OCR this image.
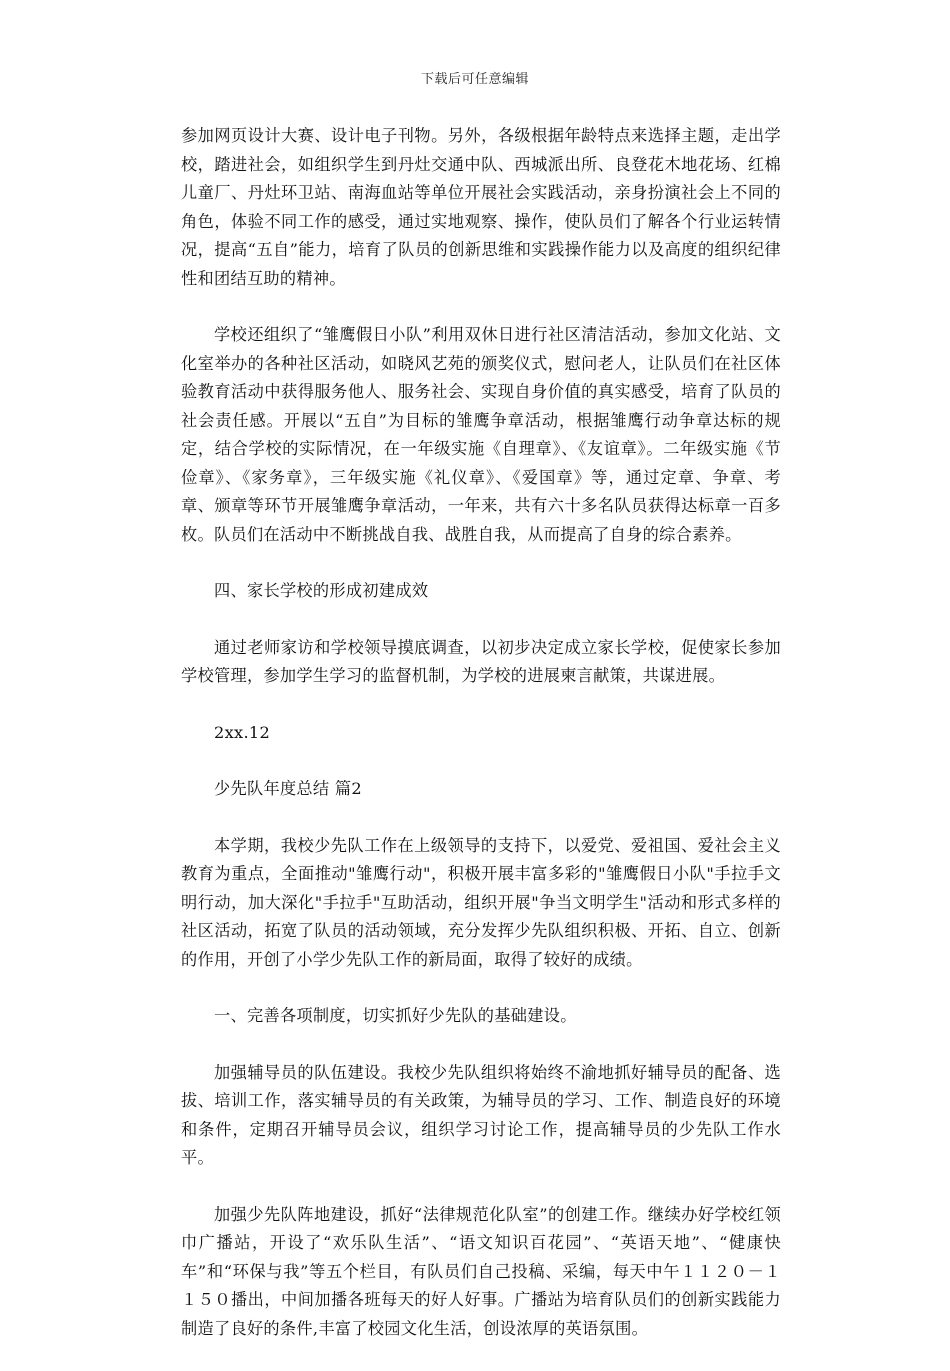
下载后可任意编辑

参加网页设计大赛、设计电子刊物。另外，各级根据年龄特点来选择主题，走出学校，踏进社会，如组织学生到丹灶交通中队、西城派出所、良登花木地花场、红棉儿童厂、丹灶环卫站、南海血站等单位开展社会实践活动，亲身扮演社会上不同的角色，体验不同工作的感受，通过实地观察、操作，使队员们了解各个行业运转情况，提高“五自”能力，培育了队员的创新思维和实践操作能力以及高度的组织纪律性和团结互助的精神。

学校还组织了“雏鹰假日小队”利用双休日进行社区清洁活动，参加文化站、文化室举办的各种社区活动，如晓风艺苑的颁奖仪式，慰问老人，让队员们在社区体验教育活动中获得服务他人、服务社会、实现自身价值的真实感受，培育了队员的社会责任感。开展以“五自”为目标的雏鹰争章活动，根据雏鹰行动争章达标的规定，结合学校的实际情况，在一年级实施《自理章》、《友谊章》。二年级实施《节俭章》、《家务章》，三年级实施《礼仪章》、《爱国章》等，通过定章、争章、考章、颁章等环节开展雏鹰争章活动，一年来，共有六十多名队员获得达标章一百多枚。队员们在活动中不断挑战自我、战胜自我，从而提高了自身的综合素养。

四、家长学校的形成初建成效

通过老师家访和学校领导摸底调查，以初步决定成立家长学校，促使家长参加学校管理，参加学生学习的监督机制，为学校的进展柬言献策，共谋进展。

2xx.12

少先队年度总结 篇2

本学期，我校少先队工作在上级领导的支持下，以爱党、爱祖国、爱社会主义教育为重点，全面推动"雏鹰行动"，积极开展丰富多彩的"雏鹰假日小队"手拉手文明行动，加大深化"手拉手"互助活动，组织开展"争当文明学生"活动和形式多样的社区活动，拓宽了队员的活动领域，充分发挥少先队组织积极、开拓、自立、创新的作用，开创了小学少先队工作的新局面，取得了较好的成绩。

一、完善各项制度，切实抓好少先队的基础建设。

加强辅导员的队伍建设。我校少先队组织将始终不渝地抓好辅导员的配备、选拔、培训工作，落实辅导员的有关政策，为辅导员的学习、工作、制造良好的环境和条件，定期召开辅导员会议，组织学习讨论工作，提高辅导员的少先队工作水平。

加强少先队阵地建设，抓好“法律规范化队室”的创建工作。继续办好学校红领巾广播站，开设了“欢乐队生活”、“语文知识百花园”、“英语天地”、“健康快车”和“环保与我”等五个栏目，有队员们自己投稿、采编，每天中午１１２０－１１５０播出，中间加播各班每天的好人好事。广播站为培育队员们的创新实践能力制造了良好的条件,丰富了校园文化生活，创设浓厚的英语氛围。
